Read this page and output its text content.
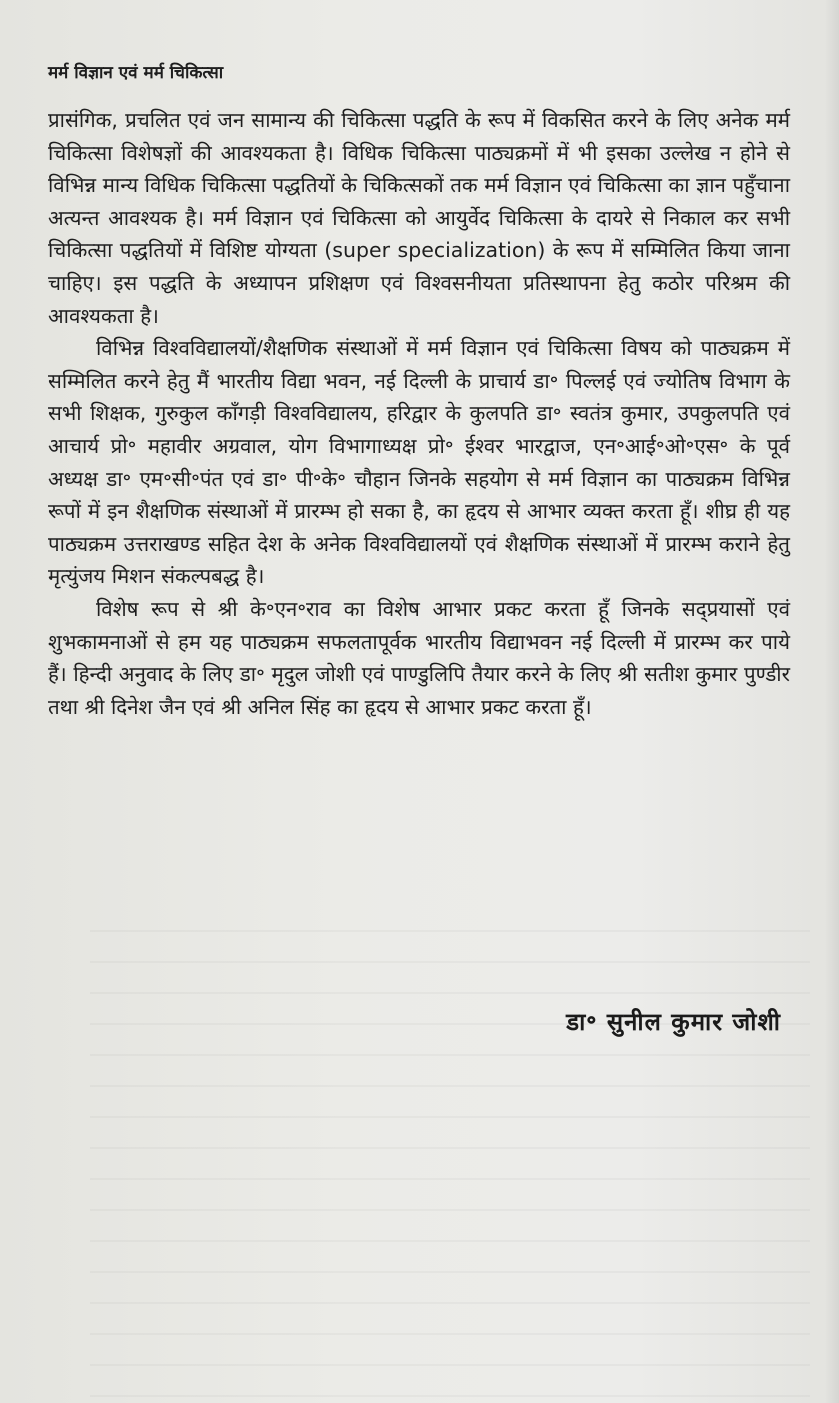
मर्म विज्ञान एवं मर्म चिकित्सा

प्रासंगिक, प्रचलित एवं जन सामान्य की चिकित्सा पद्धति के रूप में विकसित करने के लिए अनेक मर्म चिकित्सा विशेषज्ञों की आवश्यकता है। विधिक चिकित्सा पाठ्यक्रमों में भी इसका उल्लेख न होने से विभिन्न मान्य विधिक चिकित्सा पद्धतियों के चिकित्सकों तक मर्म विज्ञान एवं चिकित्सा का ज्ञान पहुँचाना अत्यन्त आवश्यक है। मर्म विज्ञान एवं चिकित्सा को आयुर्वेद चिकित्सा के दायरे से निकाल कर सभी चिकित्सा पद्धतियों में विशिष्ट योग्यता (super specialization) के रूप में सम्मिलित किया जाना चाहिए। इस पद्धति के अध्यापन प्रशिक्षण एवं विश्वसनीयता प्रतिस्थापना हेतु कठोर परिश्रम की आवश्यकता है।

विभिन्न विश्वविद्यालयों/शैक्षणिक संस्थाओं में मर्म विज्ञान एवं चिकित्सा विषय को पाठ्यक्रम में सम्मिलित करने हेतु मैं भारतीय विद्या भवन, नई दिल्ली के प्राचार्य डा॰ पिल्लई एवं ज्योतिष विभाग के सभी शिक्षक, गुरुकुल कॉंगड़ी विश्वविद्यालय, हरिद्वार के कुलपति डा॰ स्वतंत्र कुमार, उपकुलपति एवं आचार्य प्रो॰ महावीर अग्रवाल, योग विभागाध्यक्ष प्रो॰ ईश्वर भारद्वाज, एन॰आई॰ओ॰एस॰ के पूर्व अध्यक्ष डा॰ एम॰सी॰पंत एवं डा॰ पी॰के॰ चौहान जिनके सहयोग से मर्म विज्ञान का पाठ्यक्रम विभिन्न रूपों में इन शैक्षणिक संस्थाओं में प्रारम्भ हो सका है, का हृदय से आभार व्यक्त करता हूँ। शीघ्र ही यह पाठ्यक्रम उत्तराखण्ड सहित देश के अनेक विश्वविद्यालयों एवं शैक्षणिक संस्थाओं में प्रारम्भ कराने हेतु मृत्युंजय मिशन संकल्पबद्ध है।

विशेष रूप से श्री के॰एन॰राव का विशेष आभार प्रकट करता हूँ जिनके सद्प्रयासों एवं शुभकामनाओं से हम यह पाठ्यक्रम सफलतापूर्वक भारतीय विद्याभवन नई दिल्ली में प्रारम्भ कर पाये हैं। हिन्दी अनुवाद के लिए डा॰ मृदुल जोशी एवं पाण्डुलिपि तैयार करने के लिए श्री सतीश कुमार पुण्डीर तथा श्री दिनेश जैन एवं श्री अनिल सिंह का हृदय से आभार प्रकट करता हूँ।

डा॰ सुनील कुमार जोशी
